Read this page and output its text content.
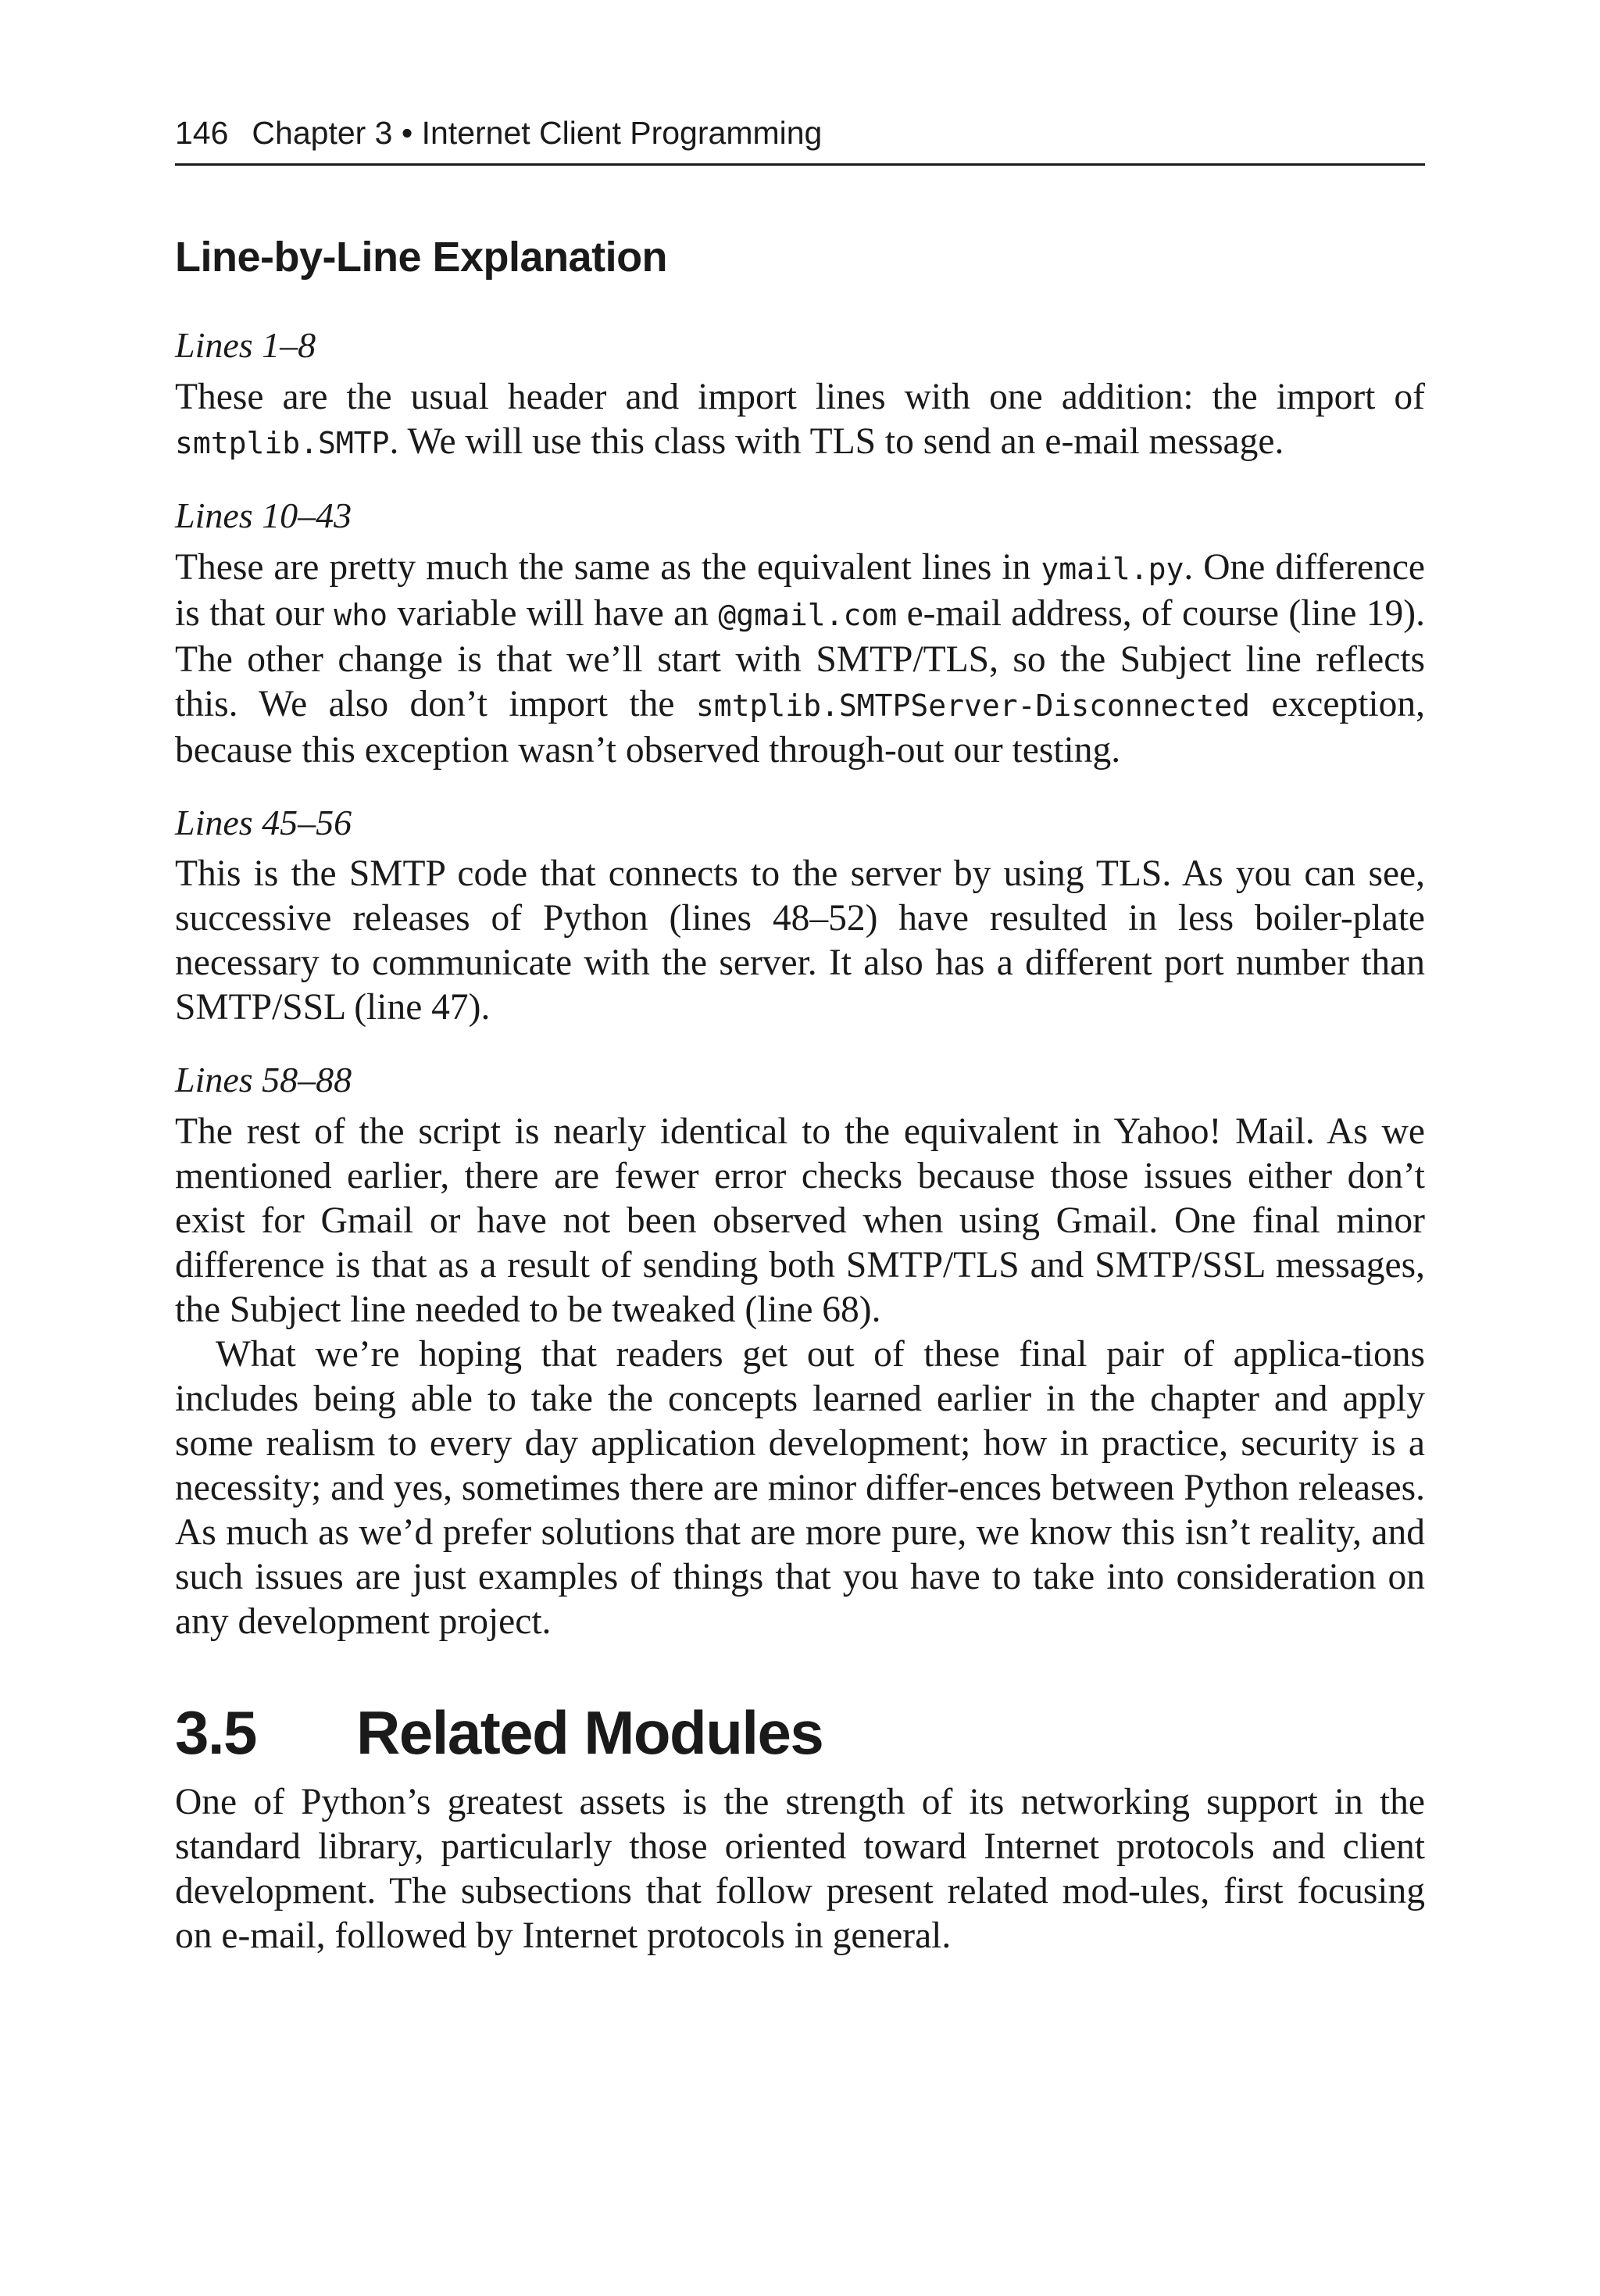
146 Chapter 3 • Internet Client Programming
Line-by-Line Explanation
Lines 1–8

These are the usual header and import lines with one addition: the import of smtplib.SMTP. We will use this class with TLS to send an e-mail message.

Lines 10–43

These are pretty much the same as the equivalent lines in ymail.py. One difference is that our who variable will have an @gmail.com e-mail address, of course (line 19). The other change is that we’ll start with SMTP/TLS, so the Subject line reflects this. We also don’t import the smtplib.SMTPServer-Disconnected exception, because this exception wasn’t observed through-out our testing.

Lines 45–56

This is the SMTP code that connects to the server by using TLS. As you can see, successive releases of Python (lines 48–52) have resulted in less boiler-plate necessary to communicate with the server. It also has a different port number than SMTP/SSL (line 47).

Lines 58–88

The rest of the script is nearly identical to the equivalent in Yahoo! Mail. As we mentioned earlier, there are fewer error checks because those issues either don’t exist for Gmail or have not been observed when using Gmail. One final minor difference is that as a result of sending both SMTP/TLS and SMTP/SSL messages, the Subject line needed to be tweaked (line 68).

What we’re hoping that readers get out of these final pair of applica-tions includes being able to take the concepts learned earlier in the chapter and apply some realism to every day application development; how in practice, security is a necessity; and yes, sometimes there are minor differ-ences between Python releases. As much as we’d prefer solutions that are more pure, we know this isn’t reality, and such issues are just examples of things that you have to take into consideration on any development project.

3.5 Related Modules

One of Python’s greatest assets is the strength of its networking support in the standard library, particularly those oriented toward Internet protocols and client development. The subsections that follow present related mod-ules, first focusing on e-mail, followed by Internet protocols in general.
